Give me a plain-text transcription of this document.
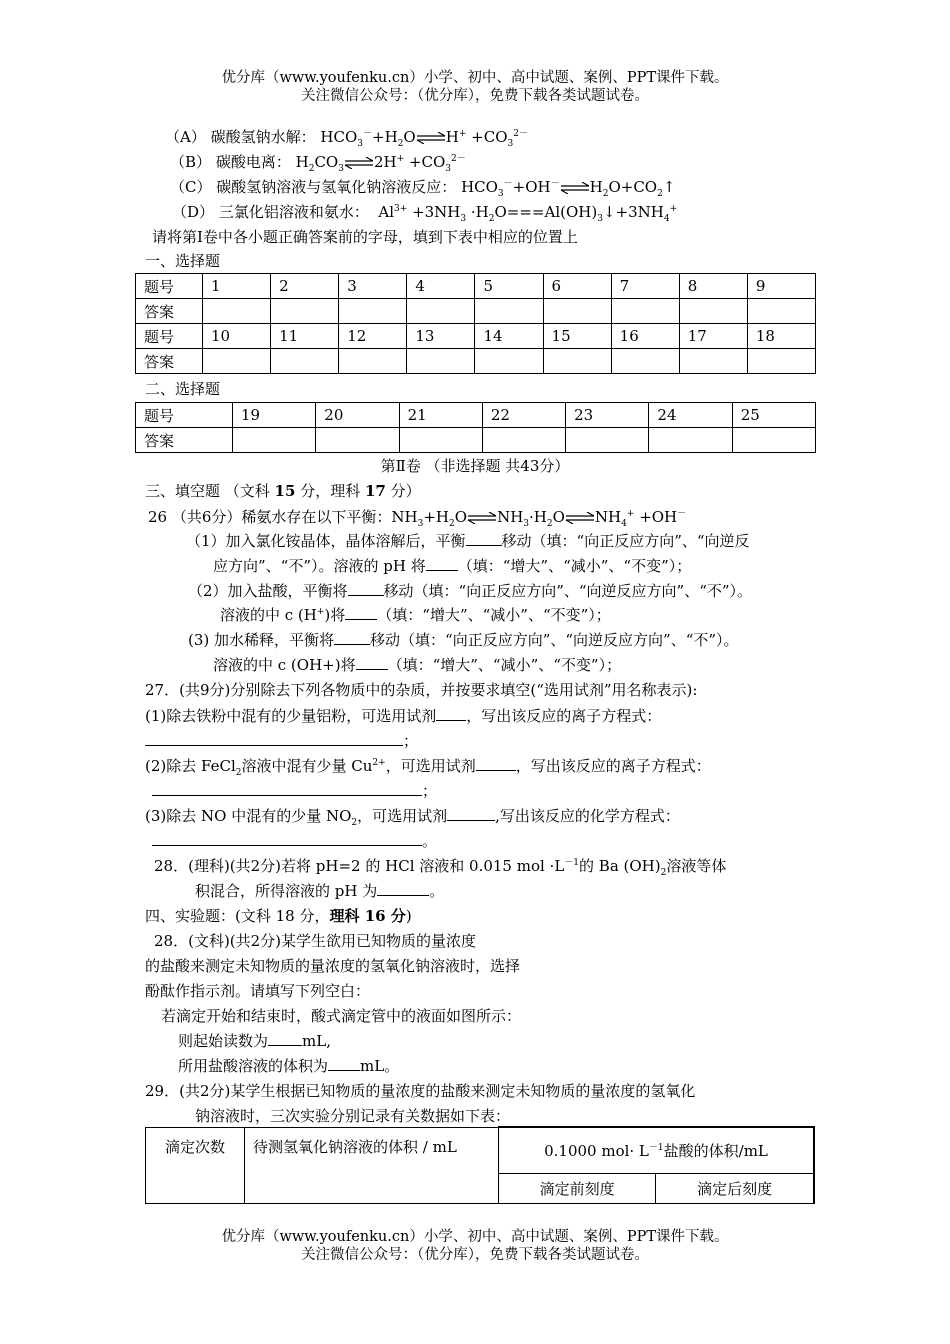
优分库（www.youfenku.cn）小学、初中、高中试题、案例、PPT课件下载。
关注微信公众号：（优分库），免费下载各类试题试卷。
（A） 碳酸氢钠水解： $HCO_3^-+H_2O$ $H^+ +CO_3^{2-}$
（B） 碳酸电离： $H_2CO_3$ $2H^+ +CO_3^{2-}$
（C） 碳酸氢钠溶液与氢氧化钠溶液反应： $HCO_3^-+OH^-$ $H_2O+CO_2↑$
（D） 三氯化铝溶液和氨水：  $Al^{3+} +3NH_3$ $\cdot H_2O===Al(OH)_3↓+3NH_4^+$
请将第Ⅰ卷中各小题正确答案前的字母，填到下表中相应的位置上
一、选择题
题号	1	2	3	4	5	6	7	8	9
答案									
题号	10	11	12	13	14	15	16	17	18
答案									
二、选择题
题号	19	20	21	22	23	24	25
答案							
第Ⅱ卷 （非选择题 共43分）
三、填空题 （文科 15 分，理科 17 分）
26 （共6分）稀氨水存在以下平衡：$NH_3+H_2O$ $NH_3\cdot H_2O$ $NH_4^+ +OH^-$
（1）加入氯化铵晶体，晶体溶解后，平衡 移动（填：“向正反应方向”、“向逆反
应方向”、“不”）。溶液的 pH 将 （填：“增大”、“减小”、“不变”）；
（2）加入盐酸，平衡将 移动（填：“向正反应方向”、“向逆反应方向”、“不”）。
溶液的中 c (H+)将 （填：“增大”、“减小”、“不变”）；
(3) 加水稀释，平衡将 移动（填：“向正反应方向”、“向逆反应方向”、“不”）。
溶液的中 c (OH+)将 （填：“增大”、“减小”、“不变”）；
27．(共9分)分别除去下列各物质中的杂质，并按要求填空(“选用试剂”用名称表示):
(1)除去铁粉中混有的少量铝粉，可选用试剂 ，写出该反应的离子方程式：
；
(2)除去 FeCl$_2$溶液中混有少量 $Cu^{2+}$，可选用试剂	，写出该反应的离子方程式：
；
(3)除去 NO 中混有的少量 $NO_2$，可选用试剂	,写出该反应的化学方程式：
。
28．(理科)(共2分)若将 pH=2 的 HCl 溶液和 0.015 mol $\cdot L^{-1}$的 Ba $(OH)_2$溶液等体
积混合，所得溶液的 pH 为	。
四、实验题：(文科 18 分，理科 16 分)
28．(文科)(共2分)某学生欲用已知物质的量浓度
的盐酸来测定未知物质的量浓度的氢氧化钠溶液时，选择
酚酞作指示剂。请填写下列空白：
若滴定开始和结束时，酸式滴定管中的液面如图所示：
则起始读数为 mL,
所用盐酸溶液的体积为 mL。
29．(共2分)某学生根据已知物质的量浓度的盐酸来测定未知物质的量浓度的氢氧化
钠溶液时，三次实验分别记录有关数据如下表：
滴定次数	待测氢氧化钠溶液的体积 / mL	0.1000 $mol\cdot L^{-1}$盐酸的体积/mL	
		滴定前刻度	滴定后刻度
优分库（www.youfenku.cn）小学、初中、高中试题、案例、PPT课件下载。
关注微信公众号：（优分库），免费下载各类试题试卷。
